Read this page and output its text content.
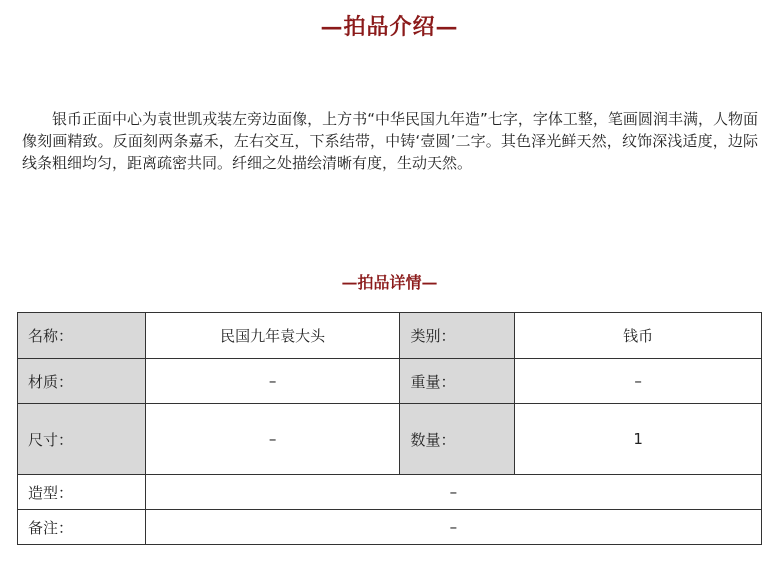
—拍品介绍—
银币正面中心为袁世凯戎装左旁边面像，上方书“中华民国九年造”七字，字体工整，笔画圆润丰满，人物面像刻画精致。反面刻两条嘉禾，左右交互，下系结带，中铸‘壹圆’二字。其色泽光鲜天然，纹饰深浅适度，边际线条粗细均匀，距离疏密共同。纤细之处描绘清晰有度，生动天然。
—拍品详情—
名称：	民国九年袁大头	类别：	钱币
材质：	–	重量：	–
尺寸：	–	数量：	1
造型：	–		
备注：	–		
